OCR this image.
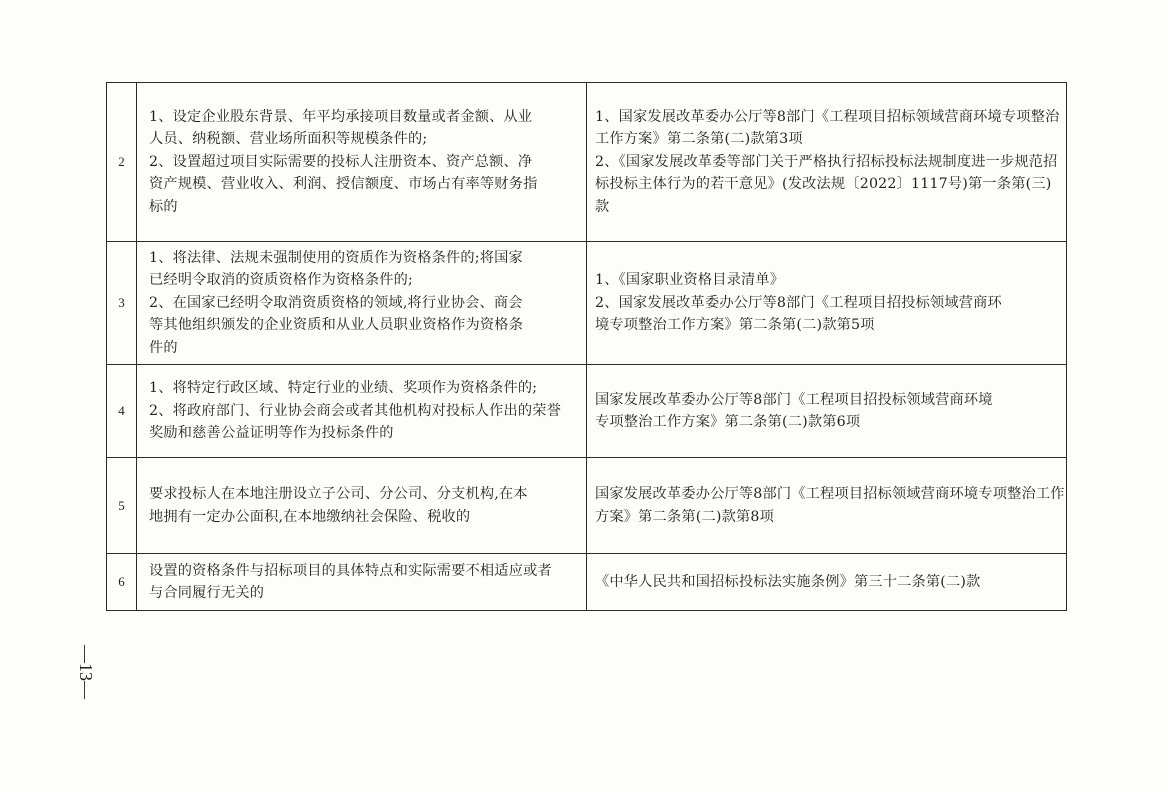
2	1、设定企业股东背景、年平均承接项目数量或者金额、从业
人员、纳税额、营业场所面积等规模条件的;
2、设置超过项目实际需要的投标人注册资本、资产总额、净
资产规模、营业收入、利润、授信额度、市场占有率等财务指
标的	1、国家发展改革委办公厅等8部门《工程项目招标领域营商环境专项整治
工作方案》第二条第(二)款第3项
2、《国家发展改革委等部门关于严格执行招标投标法规制度进一步规范招
标投标主体行为的若干意见》(发改法规〔2022〕1117号)第一条第(三)
款

3	1、将法律、法规未强制使用的资质作为资格条件的;将国家
已经明令取消的资质资格作为资格条件的;
2、在国家已经明令取消资质资格的领域,将行业协会、商会
等其他组织颁发的企业资质和从业人员职业资格作为资格条
件的	1、《国家职业资格目录清单》
2、国家发展改革委办公厅等8部门《工程项目招投标领域营商环
境专项整治工作方案》第二条第(二)款第5项

4	1、将特定行政区域、特定行业的业绩、奖项作为资格条件的;
2、将政府部门、行业协会商会或者其他机构对投标人作出的荣誉
奖励和慈善公益证明等作为投标条件的	国家发展改革委办公厅等8部门《工程项目招投标领域营商环境
专项整治工作方案》第二条第(二)款第6项

5	要求投标人在本地注册设立子公司、分公司、分支机构,在本
地拥有一定办公面积,在本地缴纳社会保险、税收的	国家发展改革委办公厅等8部门《工程项目招标领域营商环境专项整治工作
方案》第二条第(二)款第8项

6	设置的资格条件与招标项目的具体特点和实际需要不相适应或者
与合同履行无关的	《中华人民共和国招标投标法实施条例》第三十二条第(二)款
—13—
